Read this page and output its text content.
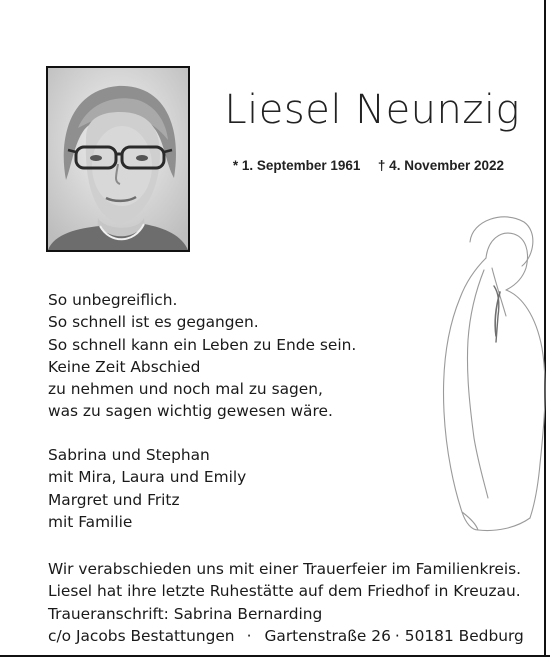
Liesel Neunzig
* 1. September 1961 † 4. November 2022
So unbegreiflich.
So schnell ist es gegangen.
So schnell kann ein Leben zu Ende sein.
Keine Zeit Abschied
zu nehmen und noch mal zu sagen,
was zu sagen wichtig gewesen wäre.
Sabrina und Stephan
mit Mira, Laura und Emily
Margret und Fritz
mit Familie
Wir verabschieden uns mit einer Trauerfeier im Familienkreis.
Liesel hat ihre letzte Ruhestätte auf dem Friedhof in Kreuzau.
Traueranschrift: Sabrina Bernarding
c/o Jacobs Bestattungen · Gartenstraße 26 · 50181 Bedburg
